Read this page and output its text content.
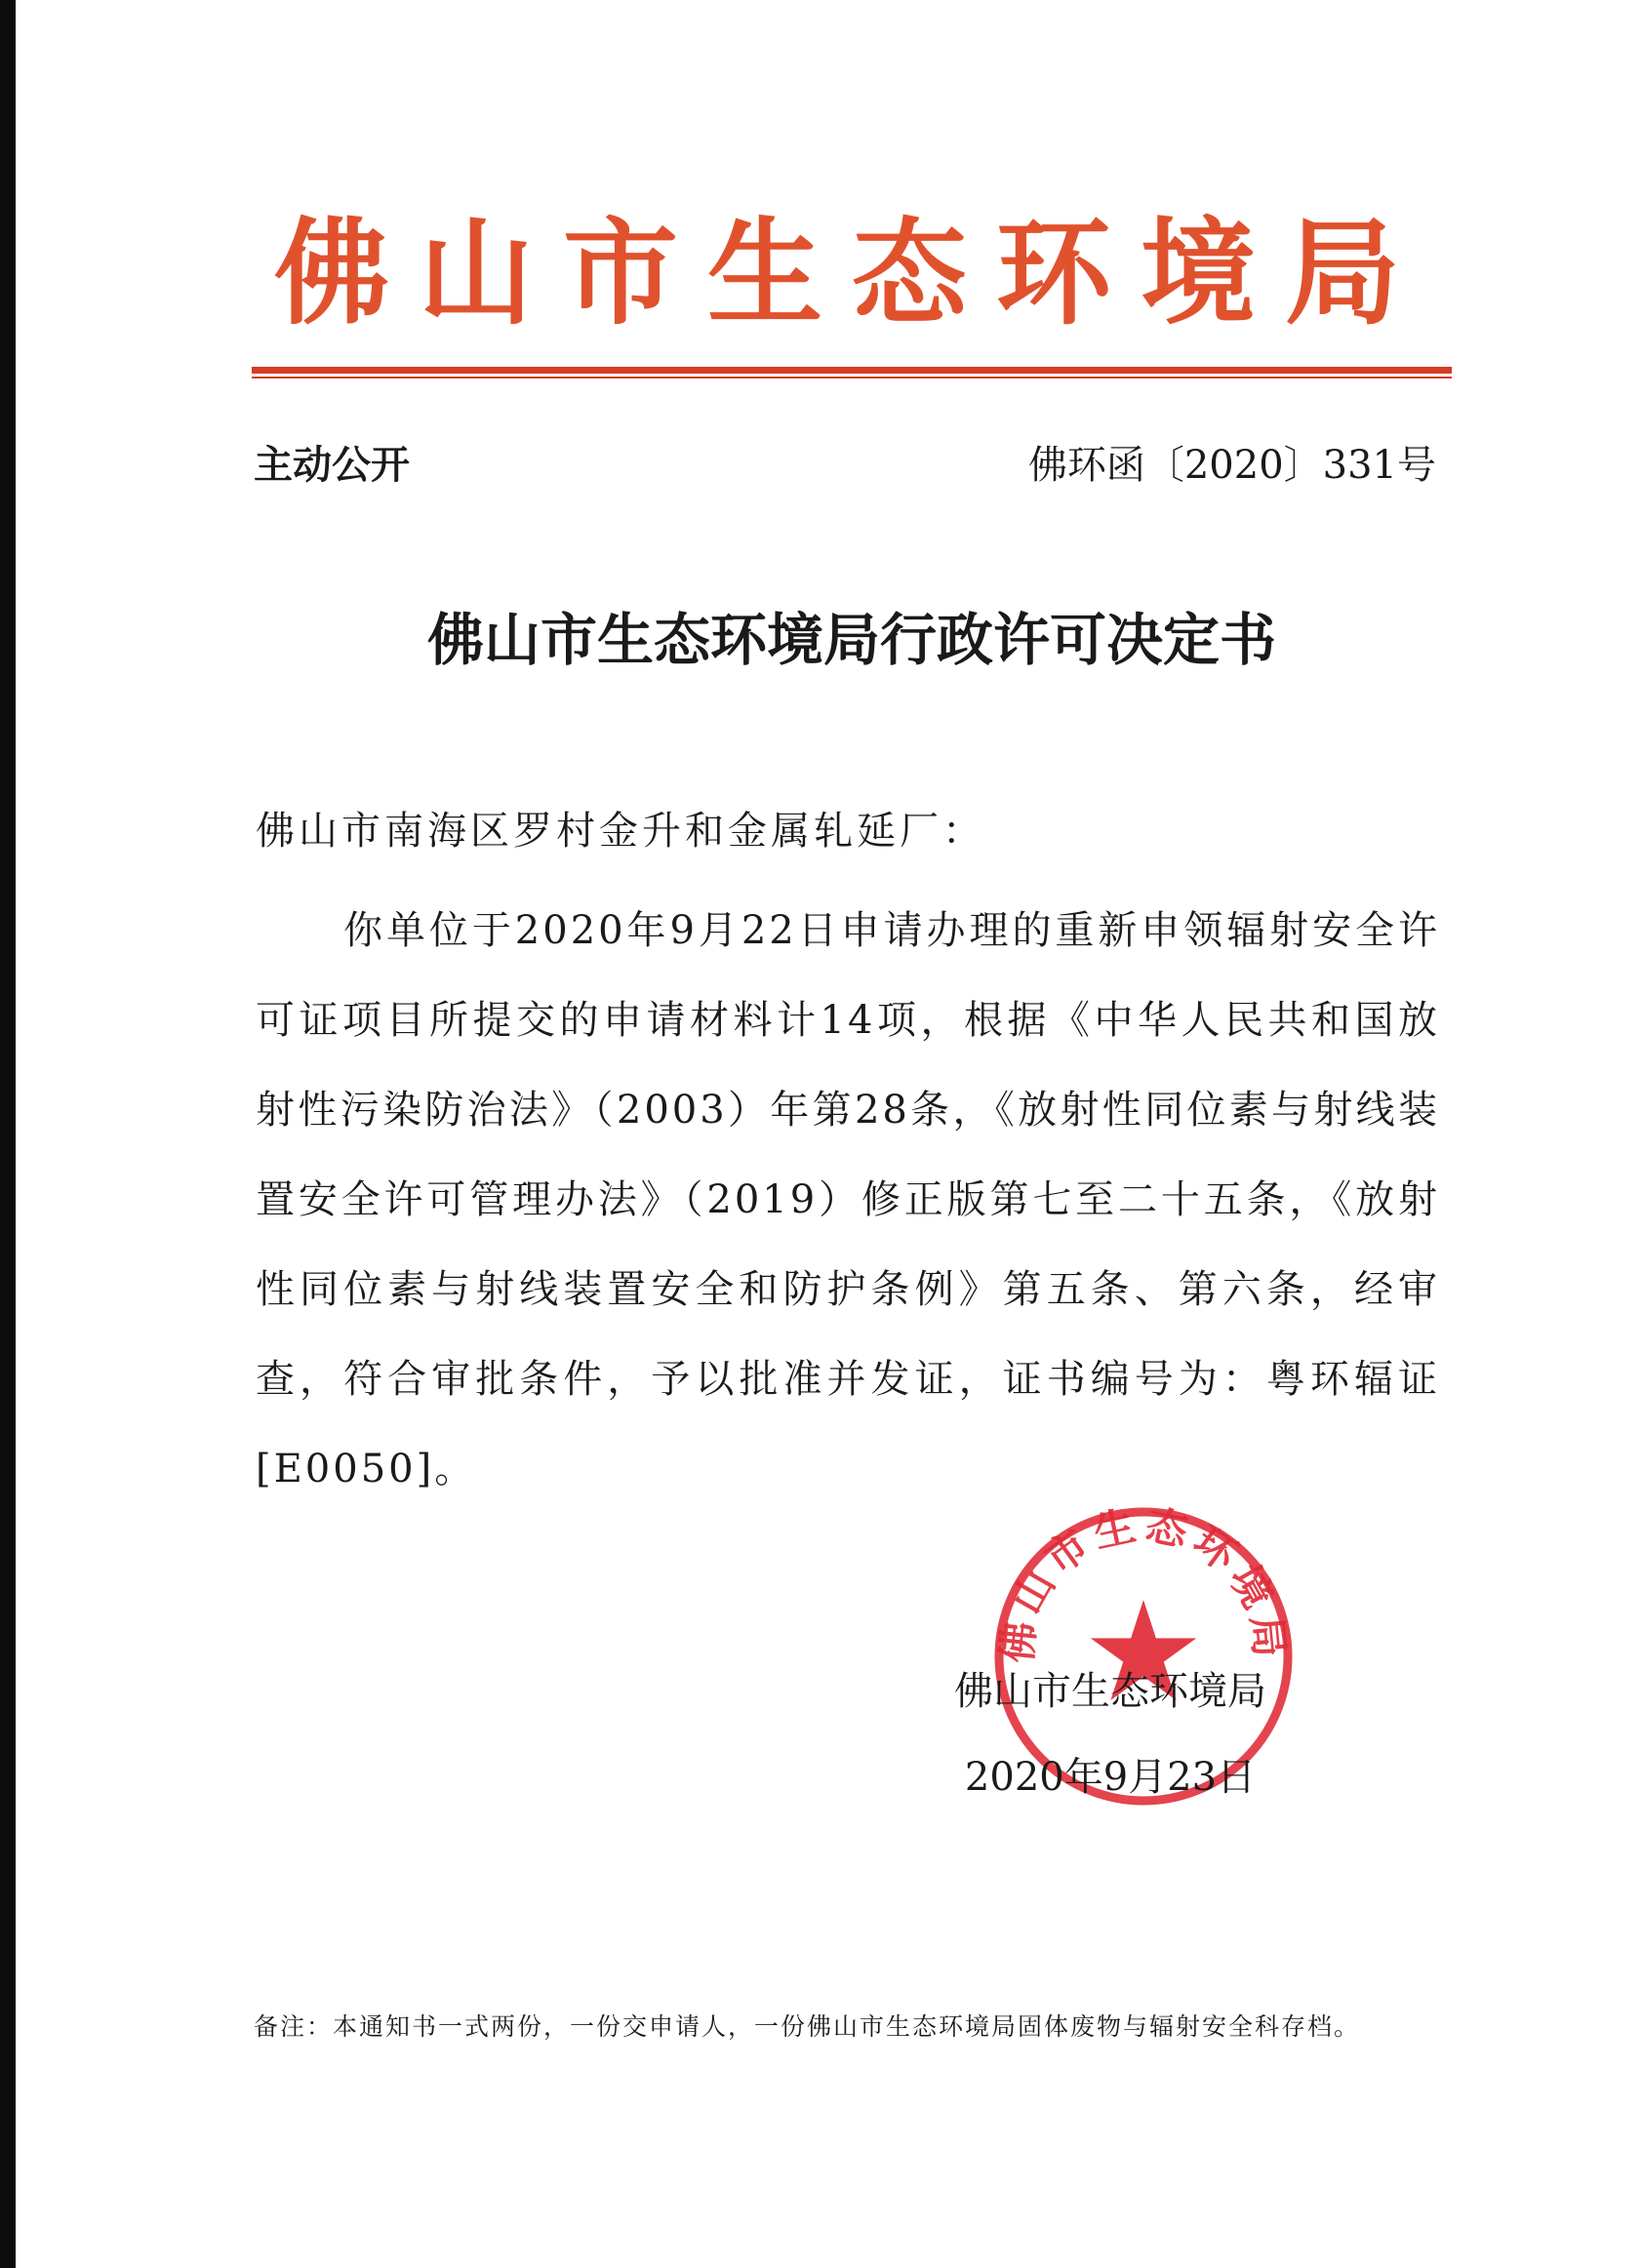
佛山市生态环境局
主动公开	佛环函〔2020〕331号
佛山市生态环境局行政许可决定书
佛山市南海区罗村金升和金属轧延厂：

你单位于2020年9月22日申请办理的重新申领辐射安全许可证项目所提交的申请材料计14项，根据《中华人民共和国放射性污染防治法》（2003）年第28条，《放射性同位素与射线装置安全许可管理办法》（2019）修正版第七至二十五条，《放射性同位素与射线装置安全和防护条例》第五条、第六条，经审查，符合审批条件，予以批准并发证，证书编号为：粤环辐证[E0050]。

佛山市生态环境局
佛山市生态环境局
2020年9月23日
备注：本通知书一式两份，一份交申请人，一份佛山市生态环境局固体废物与辐射安全科存档。
